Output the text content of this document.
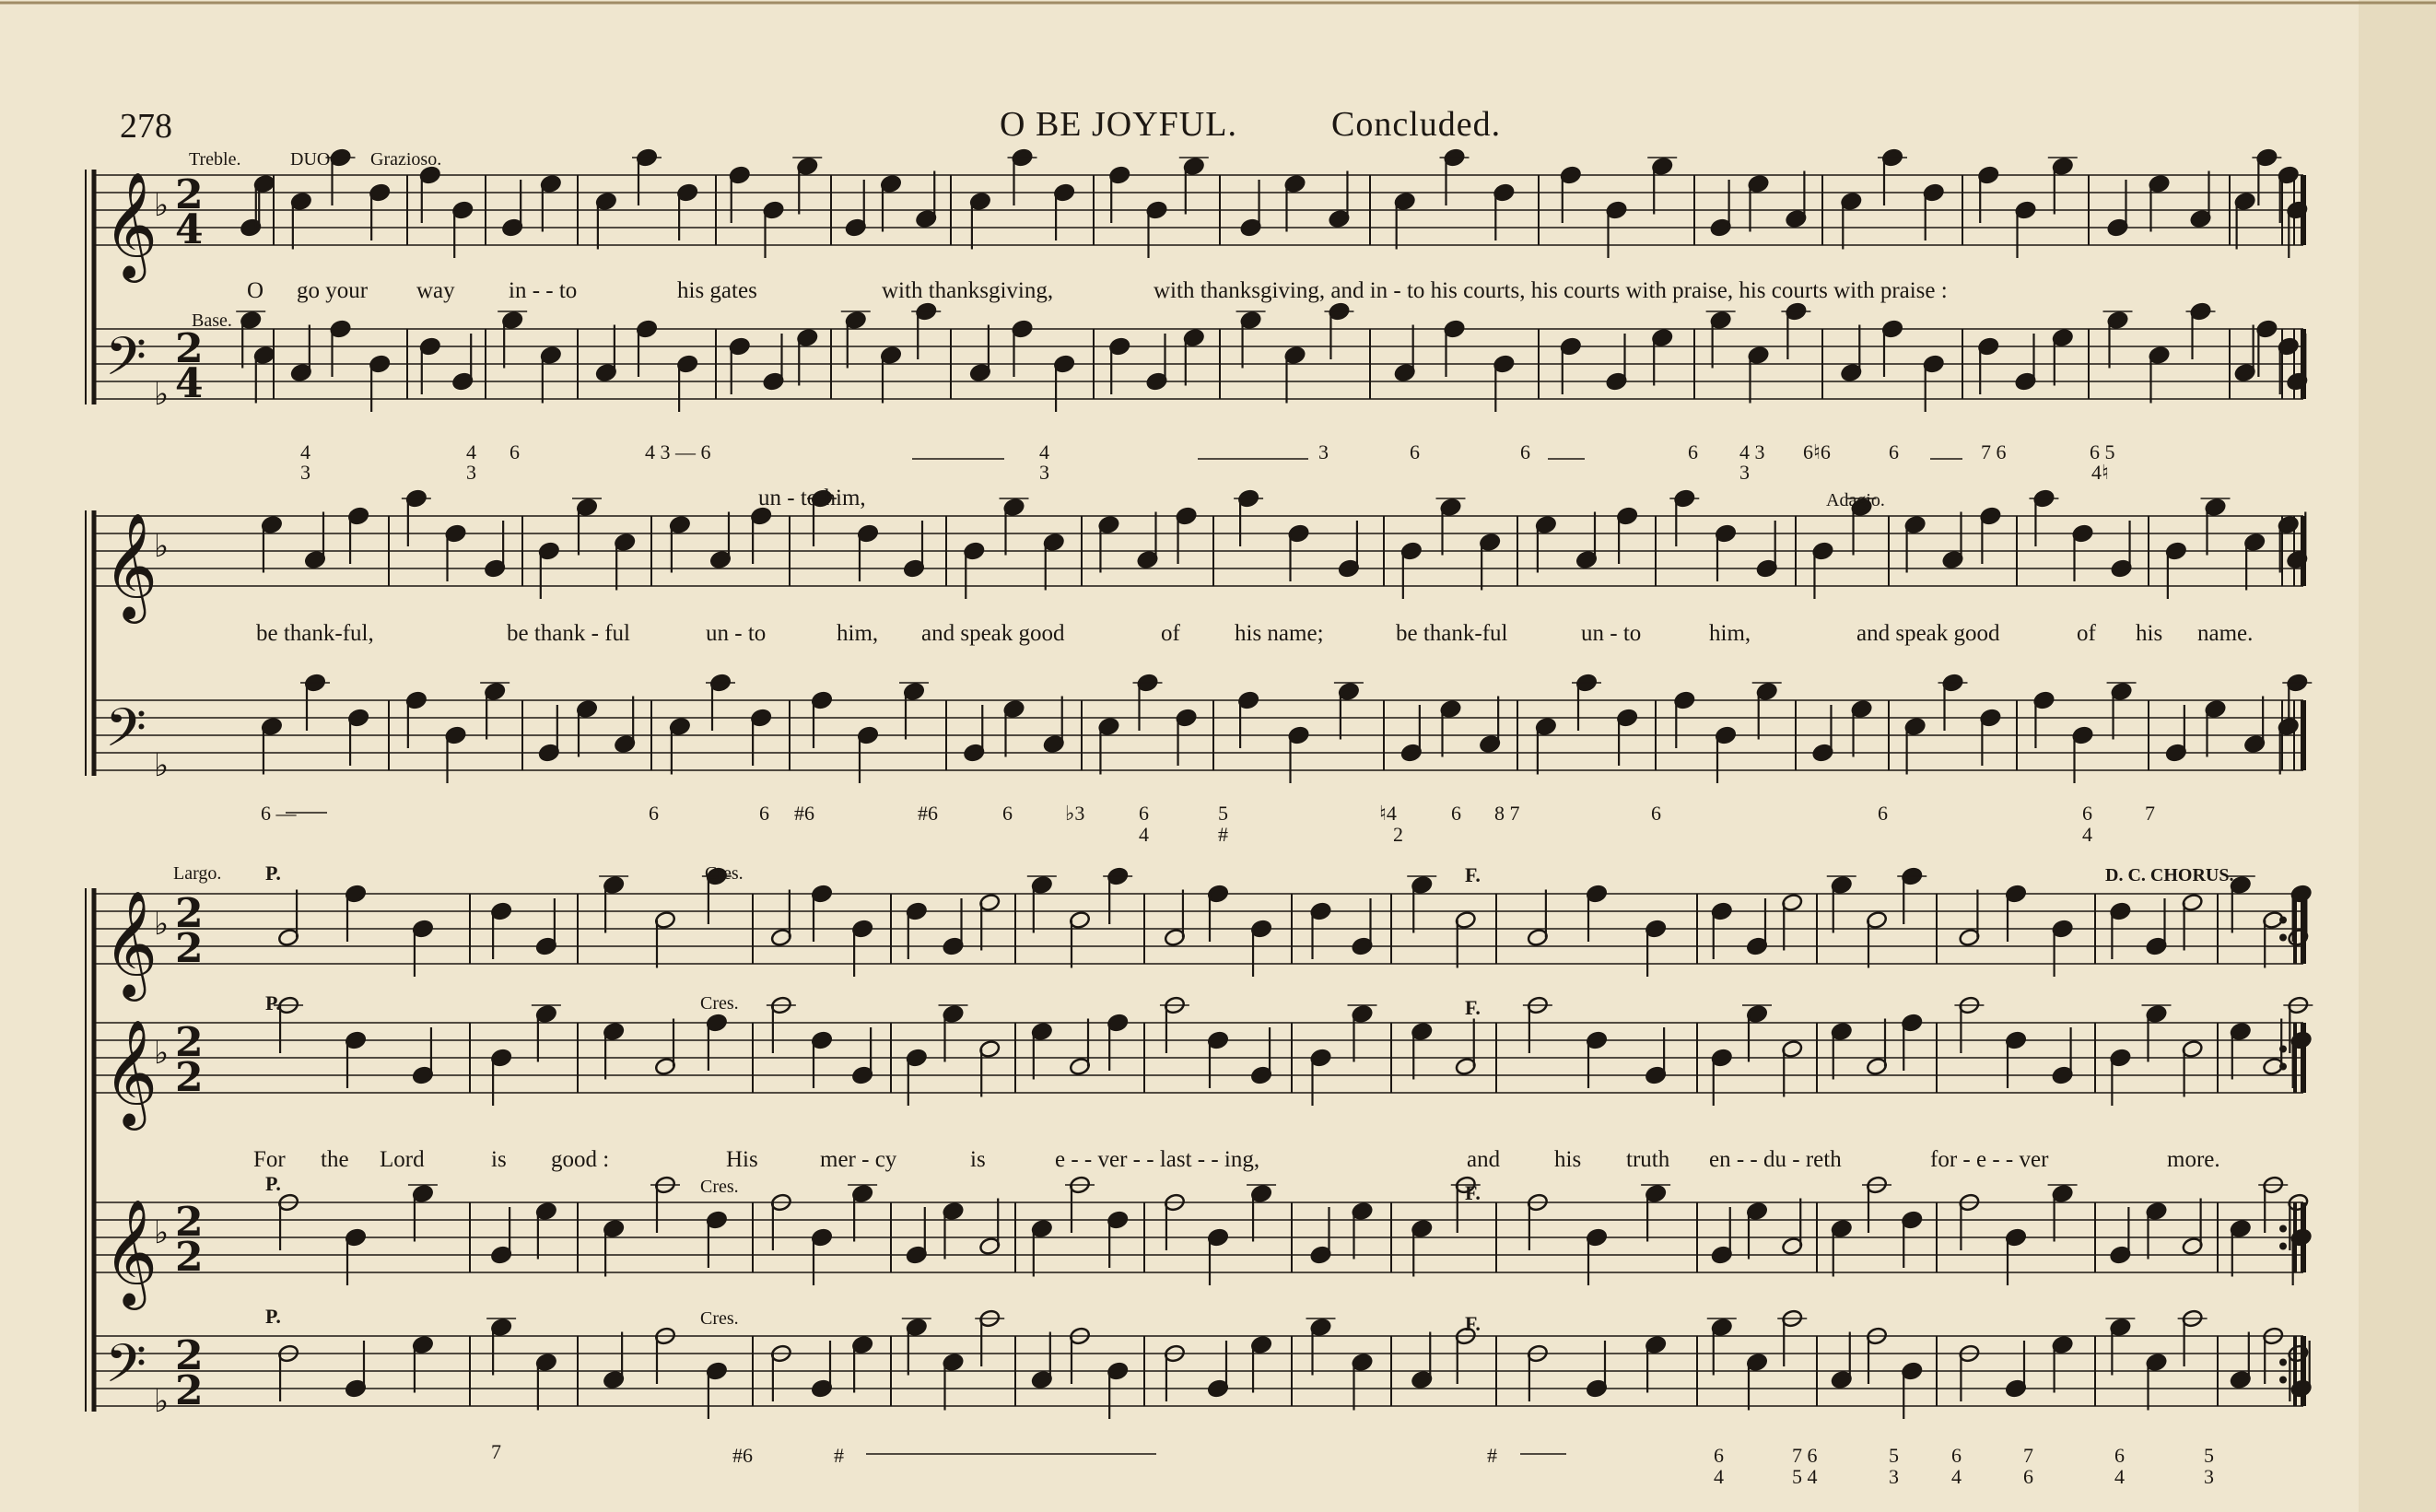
𝄞
♭ 2
4
𝄢 ♭
2
4
𝄞
♭
𝄢 ♭
𝄞
♭ 2
2
𝄞
♭ 2
2
𝄞
♭ 2
2
𝄢 ♭
2
2
278	O BE JOYFUL.	Concluded.
Treble.	DUO. Grazioso.
Base.
O go your way in - - to	his gates	with thanksgiving,	with thanksgiving, and in - to his courts, his courts with praise, his courts with praise :
4
3
4
3
6	4 3 — 6	4
3
3	6	6	6 4 3
3
6♮6	6	7 6	6 5
4♮
un - to him,	Adagio.
be thank-ful,	be thank - ful	un - to	him, and speak good	of his name;	be thank-ful	un - to	him,	and speak good	of his name.
6 —	6	6 #6	#6	6	♭3	6
4
5
#
♮4
2
6 8 7	6	6	6
4
7
Largo. P.	Cres.	F.	D. C. CHORUS.
P.	Cres.	F.
For the Lord	is good :	His	mer - cy	is	e - - ver - - last - - ing,	and his truth en - - du - reth	for - e - - ver	more.
P.	Cres.	F.
P.	Cres.	F.
7	#6	#	#	6
4
7 6
5 4
5
3
6
4
7
6
6
4
5
3
